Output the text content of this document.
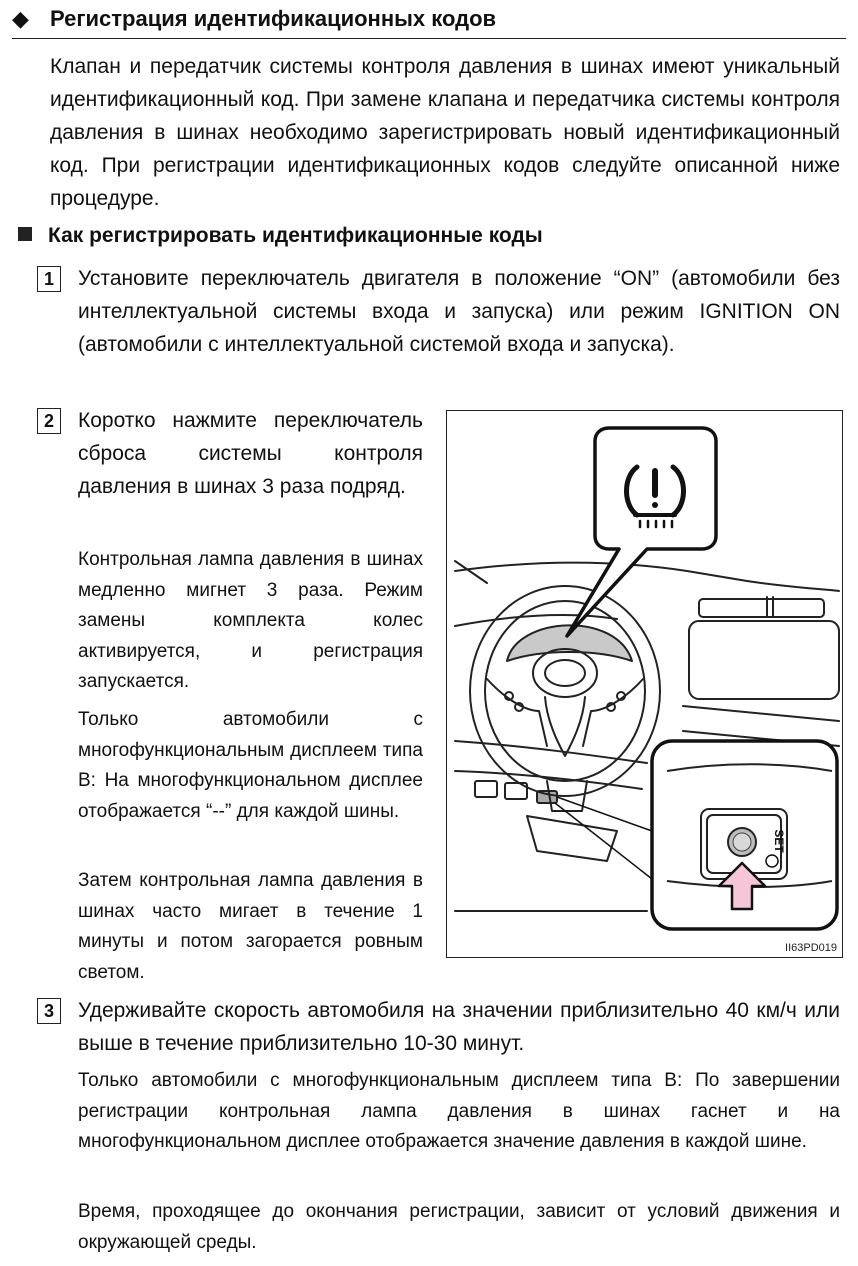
◆ Регистрация идентификационных кодов
Клапан и передатчик системы контроля давления в шинах имеют уникальный идентификационный код. При замене клапана и передатчика системы контроля давления в шинах необходимо зарегистрировать новый идентификационный код. При регистрации идентификационных кодов следуйте описанной ниже процедуре.
Как регистрировать идентификационные коды
1	Установите переключатель двигателя в положение “ON” (автомобили без интеллектуальной системы входа и запуска) или режим IGNITION ON (автомобили с интеллектуальной системой входа и запуска).
2	Коротко нажмите переключатель сброса системы контроля давления в шинах 3 раза подряд.
Контрольная лампа давления в шинах медленно мигнет 3 раза. Режим замены комплекта колес активируется, и регистрация запускается.
Только автомобили с многофункциональным дисплеем типа B: На многофункциональном дисплее отображается “--” для каждой шины.
Затем контрольная лампа давления в шинах часто мигает в течение 1 минуты и потом загорается ровным светом.
SET
II63PD019
3	Удерживайте скорость автомобиля на значении приблизительно 40 км/ч или выше в течение приблизительно 10-30 минут.
Только автомобили с многофункциональным дисплеем типа B: По завершении регистрации контрольная лампа давления в шинах гаснет и на многофункциональном дисплее отображается значение давления в каждой шине.
Время, проходящее до окончания регистрации, зависит от условий движения и окружающей среды.
